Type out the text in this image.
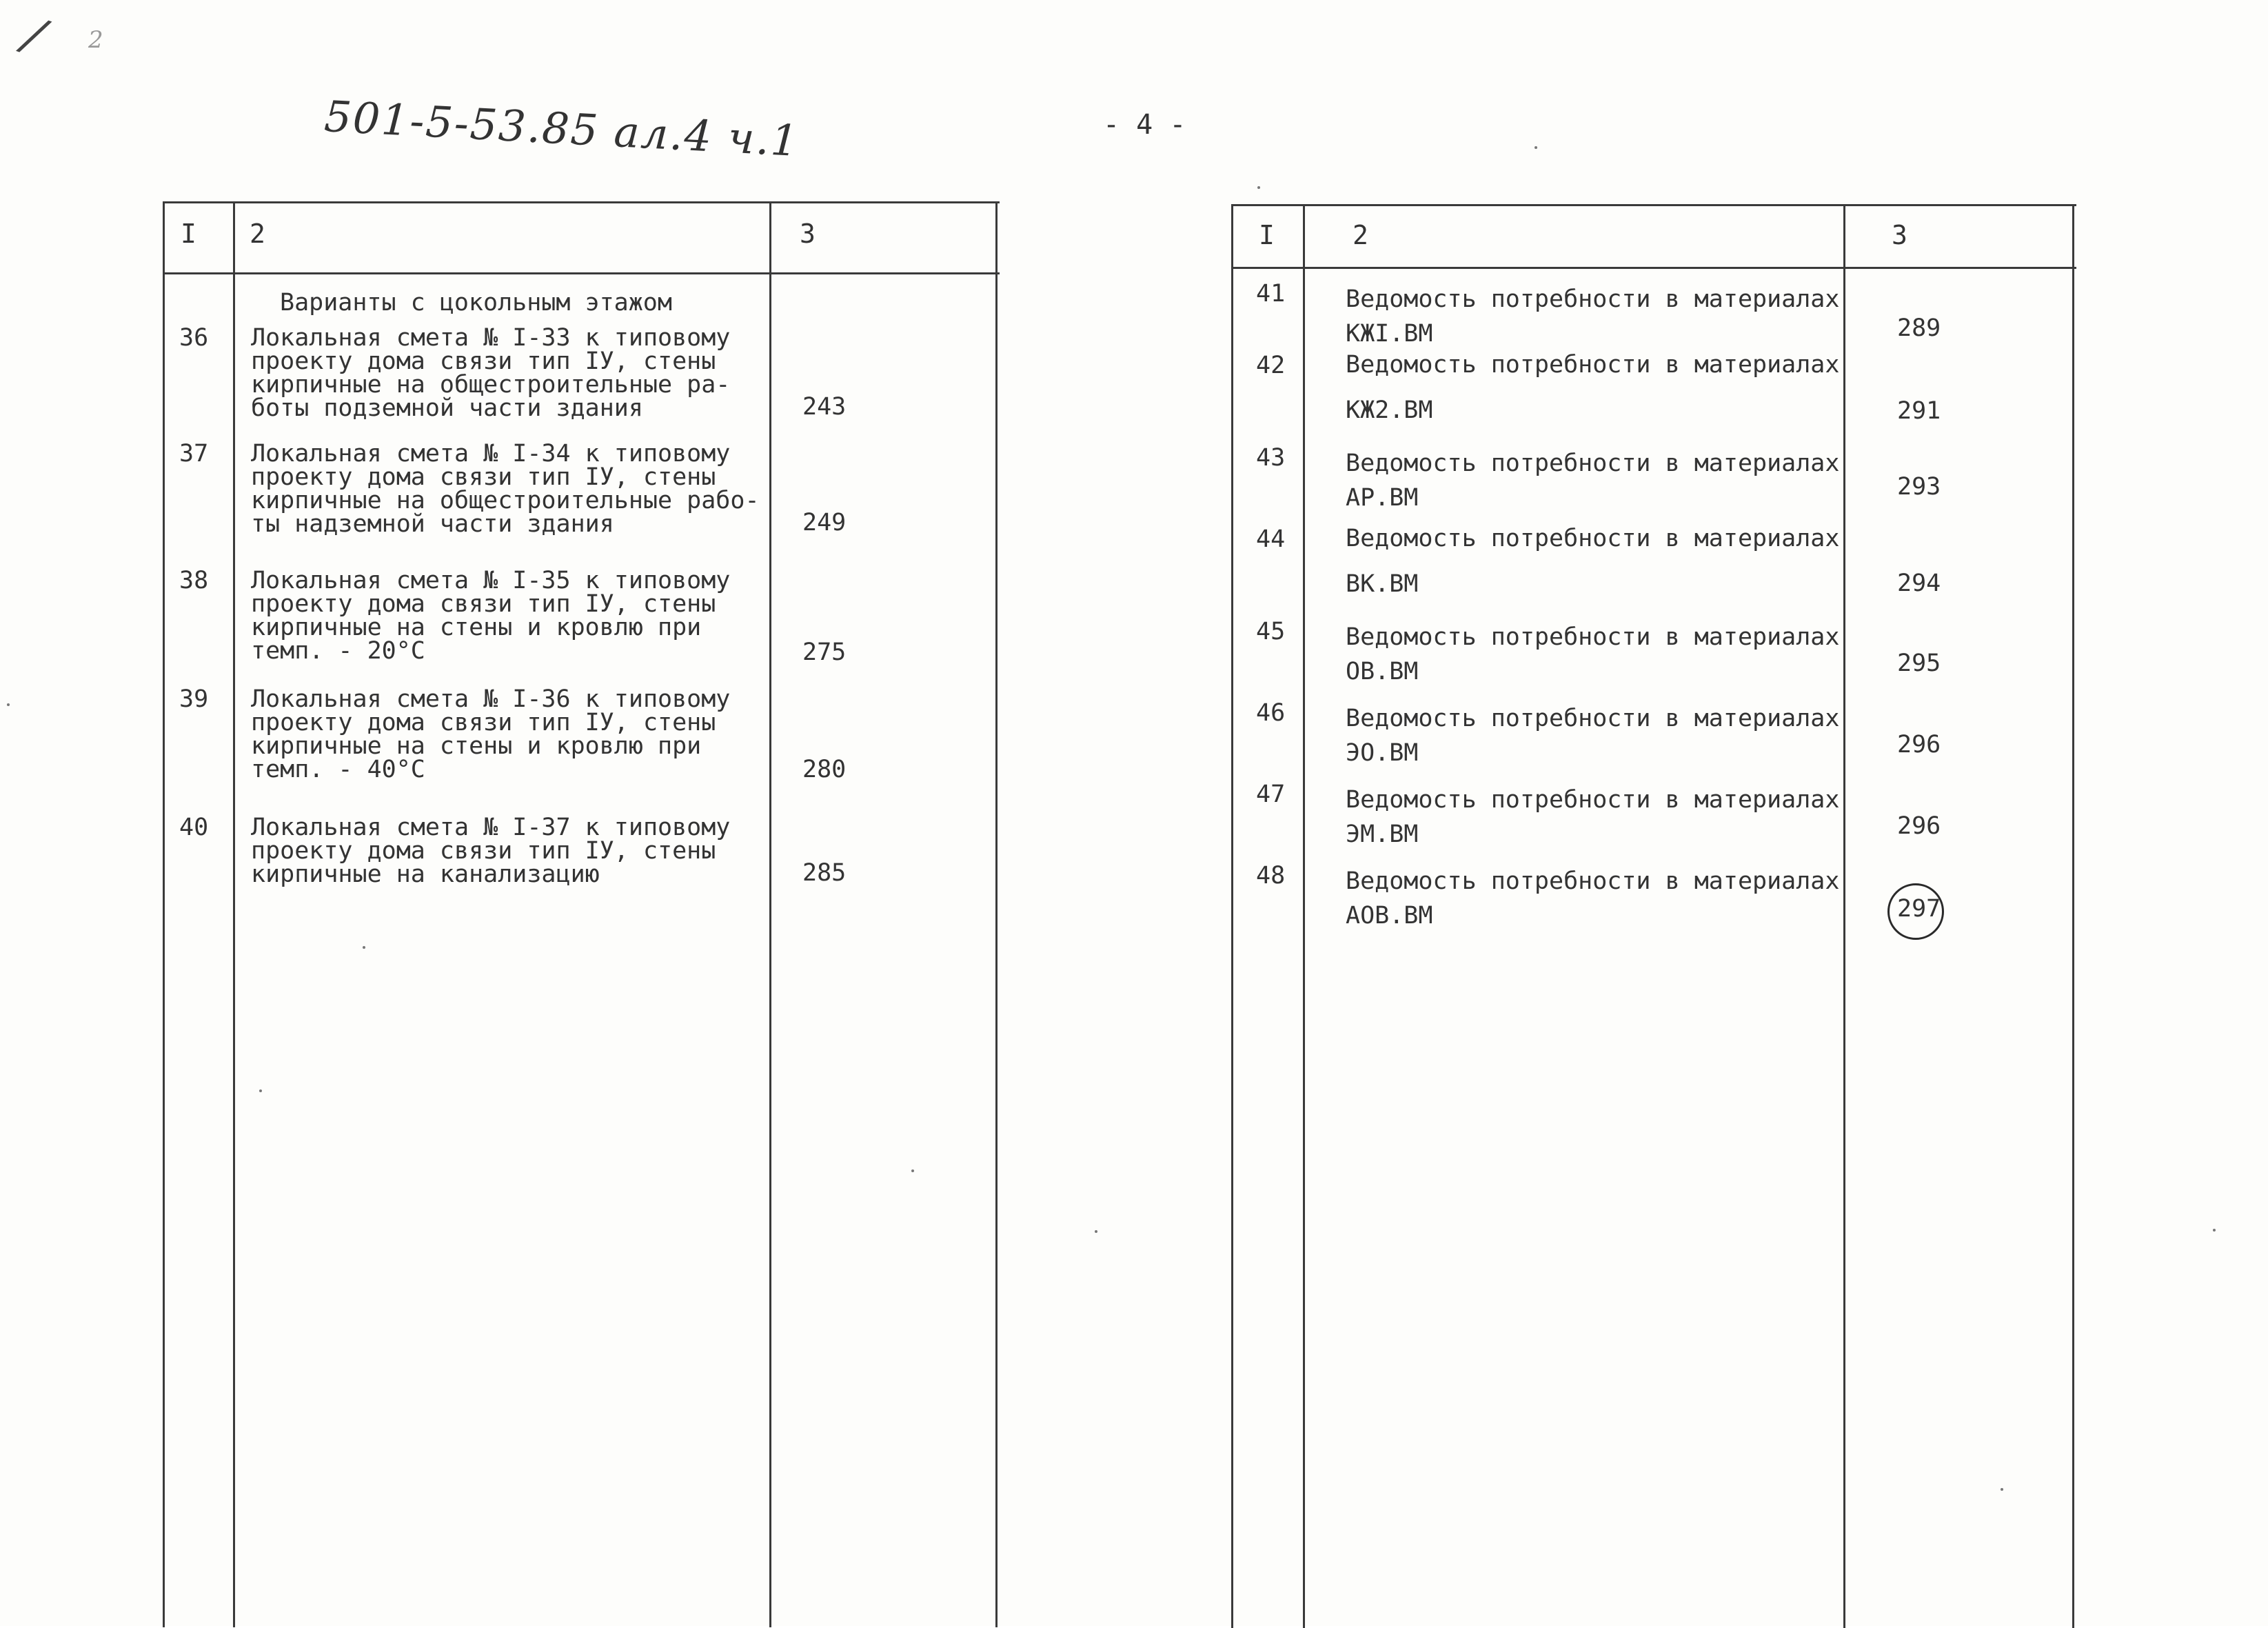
/ 2
501-5-53.85 ал.4 ч.1	- 4 -
I 2	3
Варианты с цокольным этажом
36 Локальная смета № I-33 к типовому
проекту дома связи тип IУ, стены
кирпичные на общестроительные ра-
боты подземной части здания	243
37 Локальная смета № I-34 к типовому
проекту дома связи тип IУ, стены
кирпичные на общестроительные рабо-
ты надземной части здания	249
38 Локальная смета № I-35 к типовому
проекту дома связи тип IУ, стены
кирпичные на стены и кровлю при
темп. - 20°С	275
39 Локальная смета № I-36 к типовому
проекту дома связи тип IУ, стены
кирпичные на стены и кровлю при
темп. - 40°С	280
40 Локальная смета № I-37 к типовому
проекту дома связи тип IУ, стены
кирпичные на канализацию	285
I	2	3
41	Ведомость потребности в материалах
КЖI.ВМ	289
42	Ведомость потребности в материалах

КЖ2.ВМ	291
43	Ведомость потребности в материалах
АР.ВМ	293
44	Ведомость потребности в материалах

ВК.ВМ	294
45	Ведомость потребности в материалах
ОВ.ВМ	295
46	Ведомость потребности в материалах
ЭО.ВМ	296
47	Ведомость потребности в материалах
ЭМ.ВМ	296
48	Ведомость потребности в материалах
АОВ.ВМ	297
